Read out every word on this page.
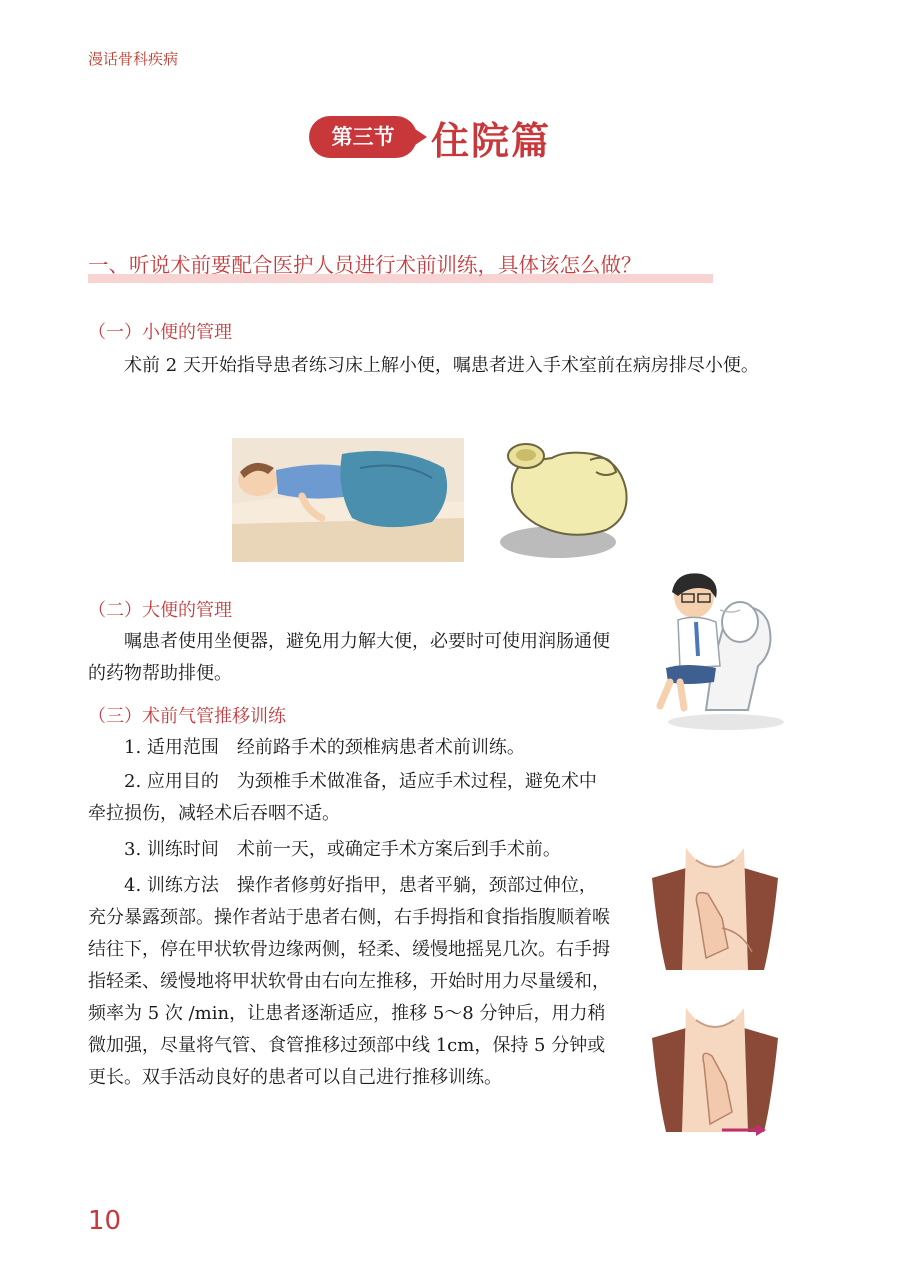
漫话骨科疾病
第三节 住院篇
一、听说术前要配合医护人员进行术前训练，具体该怎么做？
（一）小便的管理

术前 2 天开始指导患者练习床上解小便，嘱患者进入手术室前在病房排尽小便。

（二）大便的管理

嘱患者使用坐便器，避免用力解大便，必要时可使用润肠通便的药物帮助排便。

（三）术前气管推移训练

1. 适用范围 经前路手术的颈椎病患者术前训练。

2. 应用目的 为颈椎手术做准备，适应手术过程，避免术中牵拉损伤，减轻术后吞咽不适。

3. 训练时间 术前一天，或确定手术方案后到手术前。

4. 训练方法 操作者修剪好指甲，患者平躺，颈部过伸位，充分暴露颈部。操作者站于患者右侧，右手拇指和食指指腹顺着喉结往下，停在甲状软骨边缘两侧，轻柔、缓慢地摇晃几次。右手拇指轻柔、缓慢地将甲状软骨由右向左推移，开始时用力尽量缓和，频率为 5 次 /min，让患者逐渐适应，推移 5～8 分钟后，用力稍微加强，尽量将气管、食管推移过颈部中线 1cm，保持 5 分钟或更长。双手活动良好的患者可以自己进行推移训练。

10
